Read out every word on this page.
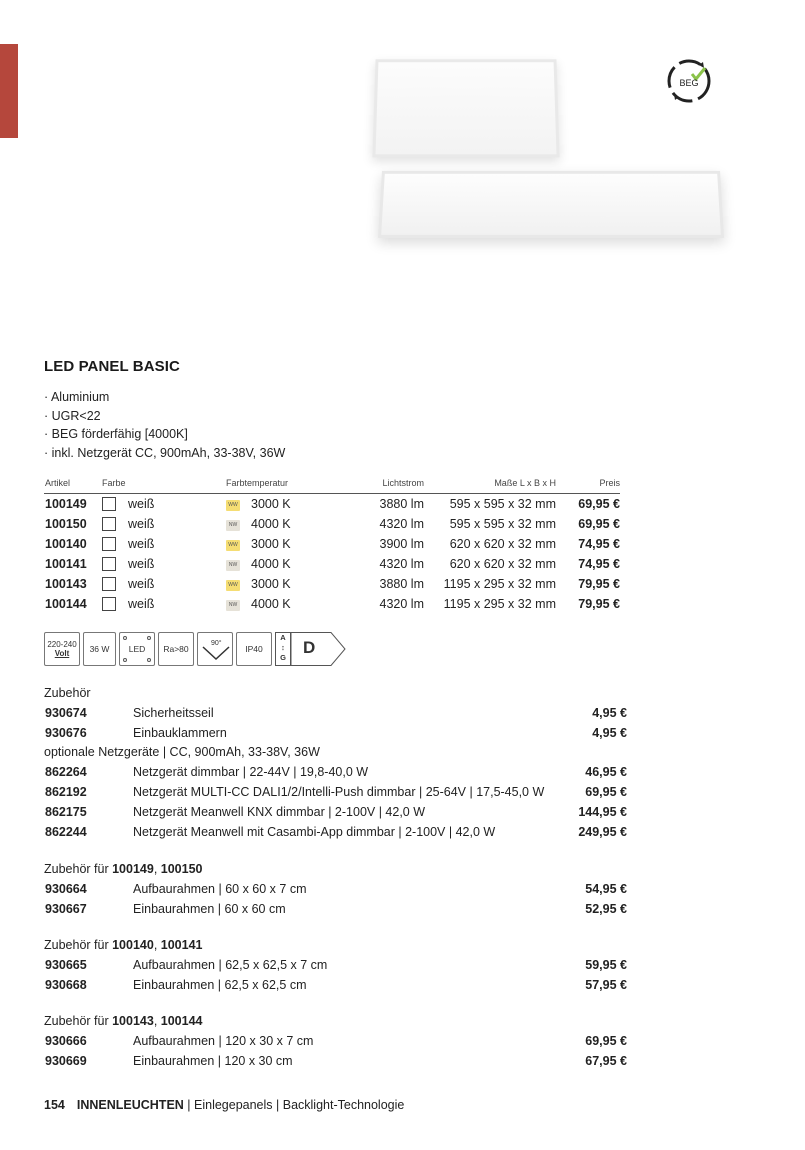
BEG
LED PANEL BASIC
· Aluminium
· UGR<22
· BEG förderfähig [4000K]
· inkl. Netzgerät CC, 900mAh, 33-38V, 36W
Artikel	Farbe	Farbtemperatur	Lichtstrom	Maße L x B x H	Preis
100149	weiß	WW 3000 K	3880 lm 595 x 595 x 32 mm 69,95 €
100150	weiß	NW 4000 K	4320 lm 595 x 595 x 32 mm 69,95 €
100140	weiß	WW 3000 K	3900 lm 620 x 620 x 32 mm 74,95 €
100141	weiß	NW 4000 K	4320 lm 620 x 620 x 32 mm 74,95 €
100143	weiß	WW 3000 K	3880 lm 1195 x 295 x 32 mm 79,95 €
100144	weiß	NW 4000 K	4320 lm 1195 x 295 x 32 mm 79,95 €
220-240
Volt 36 W LED Ra>80
90°
IP40
A
↕
G
D
Zubehör
930674	Sicherheitsseil	4,95 €
930676	Einbauklammern	4,95 €
optionale Netzgeräte | CC, 900mAh, 33-38V, 36W
862264	Netzgerät dimmbar | 22-44V | 19,8-40,0 W	46,95 €
862192	Netzgerät MULTI-CC DALI1/2/Intelli-Push dimmbar | 25-64V | 17,5-45,0 W	69,95 €
862175	Netzgerät Meanwell KNX dimmbar | 2-100V | 42,0 W	144,95 €
862244	Netzgerät Meanwell mit Casambi-App dimmbar | 2-100V | 42,0 W	249,95 €
Zubehör für 100149, 100150
930664	Aufbaurahmen | 60 x 60 x 7 cm	54,95 €
930667	Einbaurahmen | 60 x 60 cm	52,95 €
Zubehör für 100140, 100141
930665	Aufbaurahmen | 62,5 x 62,5 x 7 cm	59,95 €
930668	Einbaurahmen | 62,5 x 62,5 cm	57,95 €
Zubehör für 100143, 100144
930666	Aufbaurahmen | 120 x 30 x 7 cm	69,95 €
930669	Einbaurahmen | 120 x 30 cm	67,95 €
154 INNENLEUCHTEN | Einlegepanels | Backlight-Technologie
